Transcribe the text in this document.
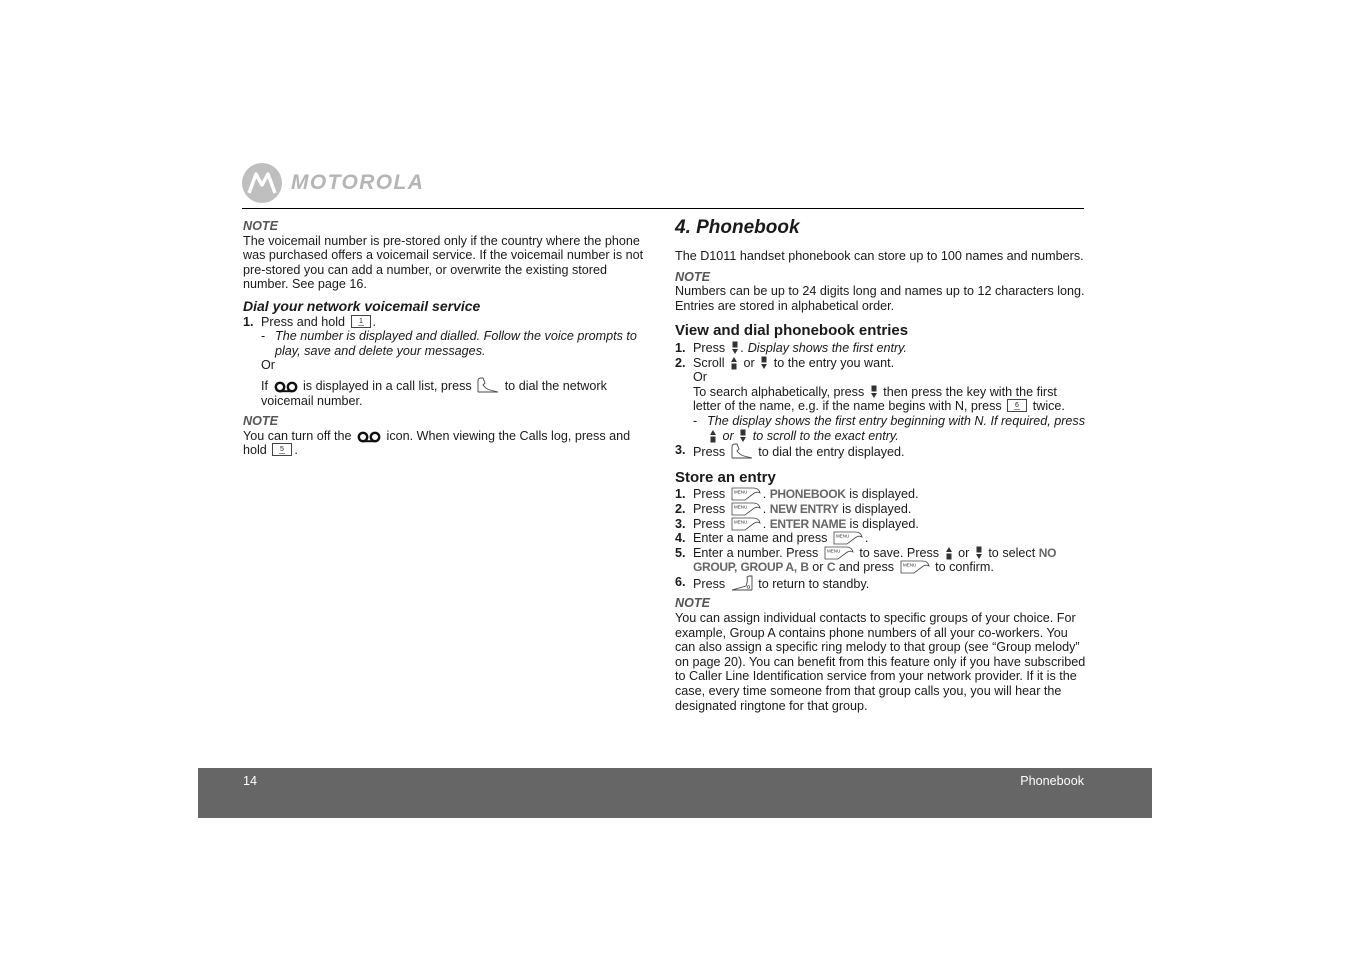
MOTOROLA

NOTE

The voicemail number is pre-stored only if the country where the phone was purchased offers a voicemail service. If the voicemail number is not pre-stored you can add a number, or overwrite the existing stored number. See page 16.

Dial your network voicemail service

1. Press and hold 1 .
- The number is displayed and dialled. Follow the voice prompts to play, save and delete your messages.

Or

If	is displayed in a call list, press	to dial the network voicemail number.

NOTE

You can turn off the	icon. When viewing the Calls log, press and hold 5 .

4. Phonebook

The D1011 handset phonebook can store up to 100 names and numbers.

NOTE

Numbers can be up to 24 digits long and names up to 12 characters long. Entries are stored in alphabetical order.

View and dial phonebook entries

1. Press . Display shows the first entry.
2. Scroll or to the entry you want.

Or

To search alphabetically, press then press the key with the first letter of the name, e.g. if the name begins with N, press 6 twice.

- The display shows the first entry beginning with N. If required, press  or to scroll to the exact entry.
3. Press	to dial the entry displayed.

Store an entry

1. Press MENU . PHONEBOOK is displayed.
2. Press MENU . NEW ENTRY is displayed.
3. Press MENU . ENTER NAME is displayed.
4. Enter a name and press MENU .
5. Enter a number. Press MENU to save. Press or to select NO GROUP, GROUP A, B or C and press MENU to confirm.
6. Press	to return to standby.

NOTE

You can assign individual contacts to specific groups of your choice. For example, Group A contains phone numbers of all your co-workers. You can also assign a specific ring melody to that group (see “Group melody” on page 20). You can benefit from this feature only if you have subscribed to Caller Line Identification service from your network provider. If it is the case, every time someone from that group calls you, you will hear the designated ringtone for that group.

14	Phonebook
